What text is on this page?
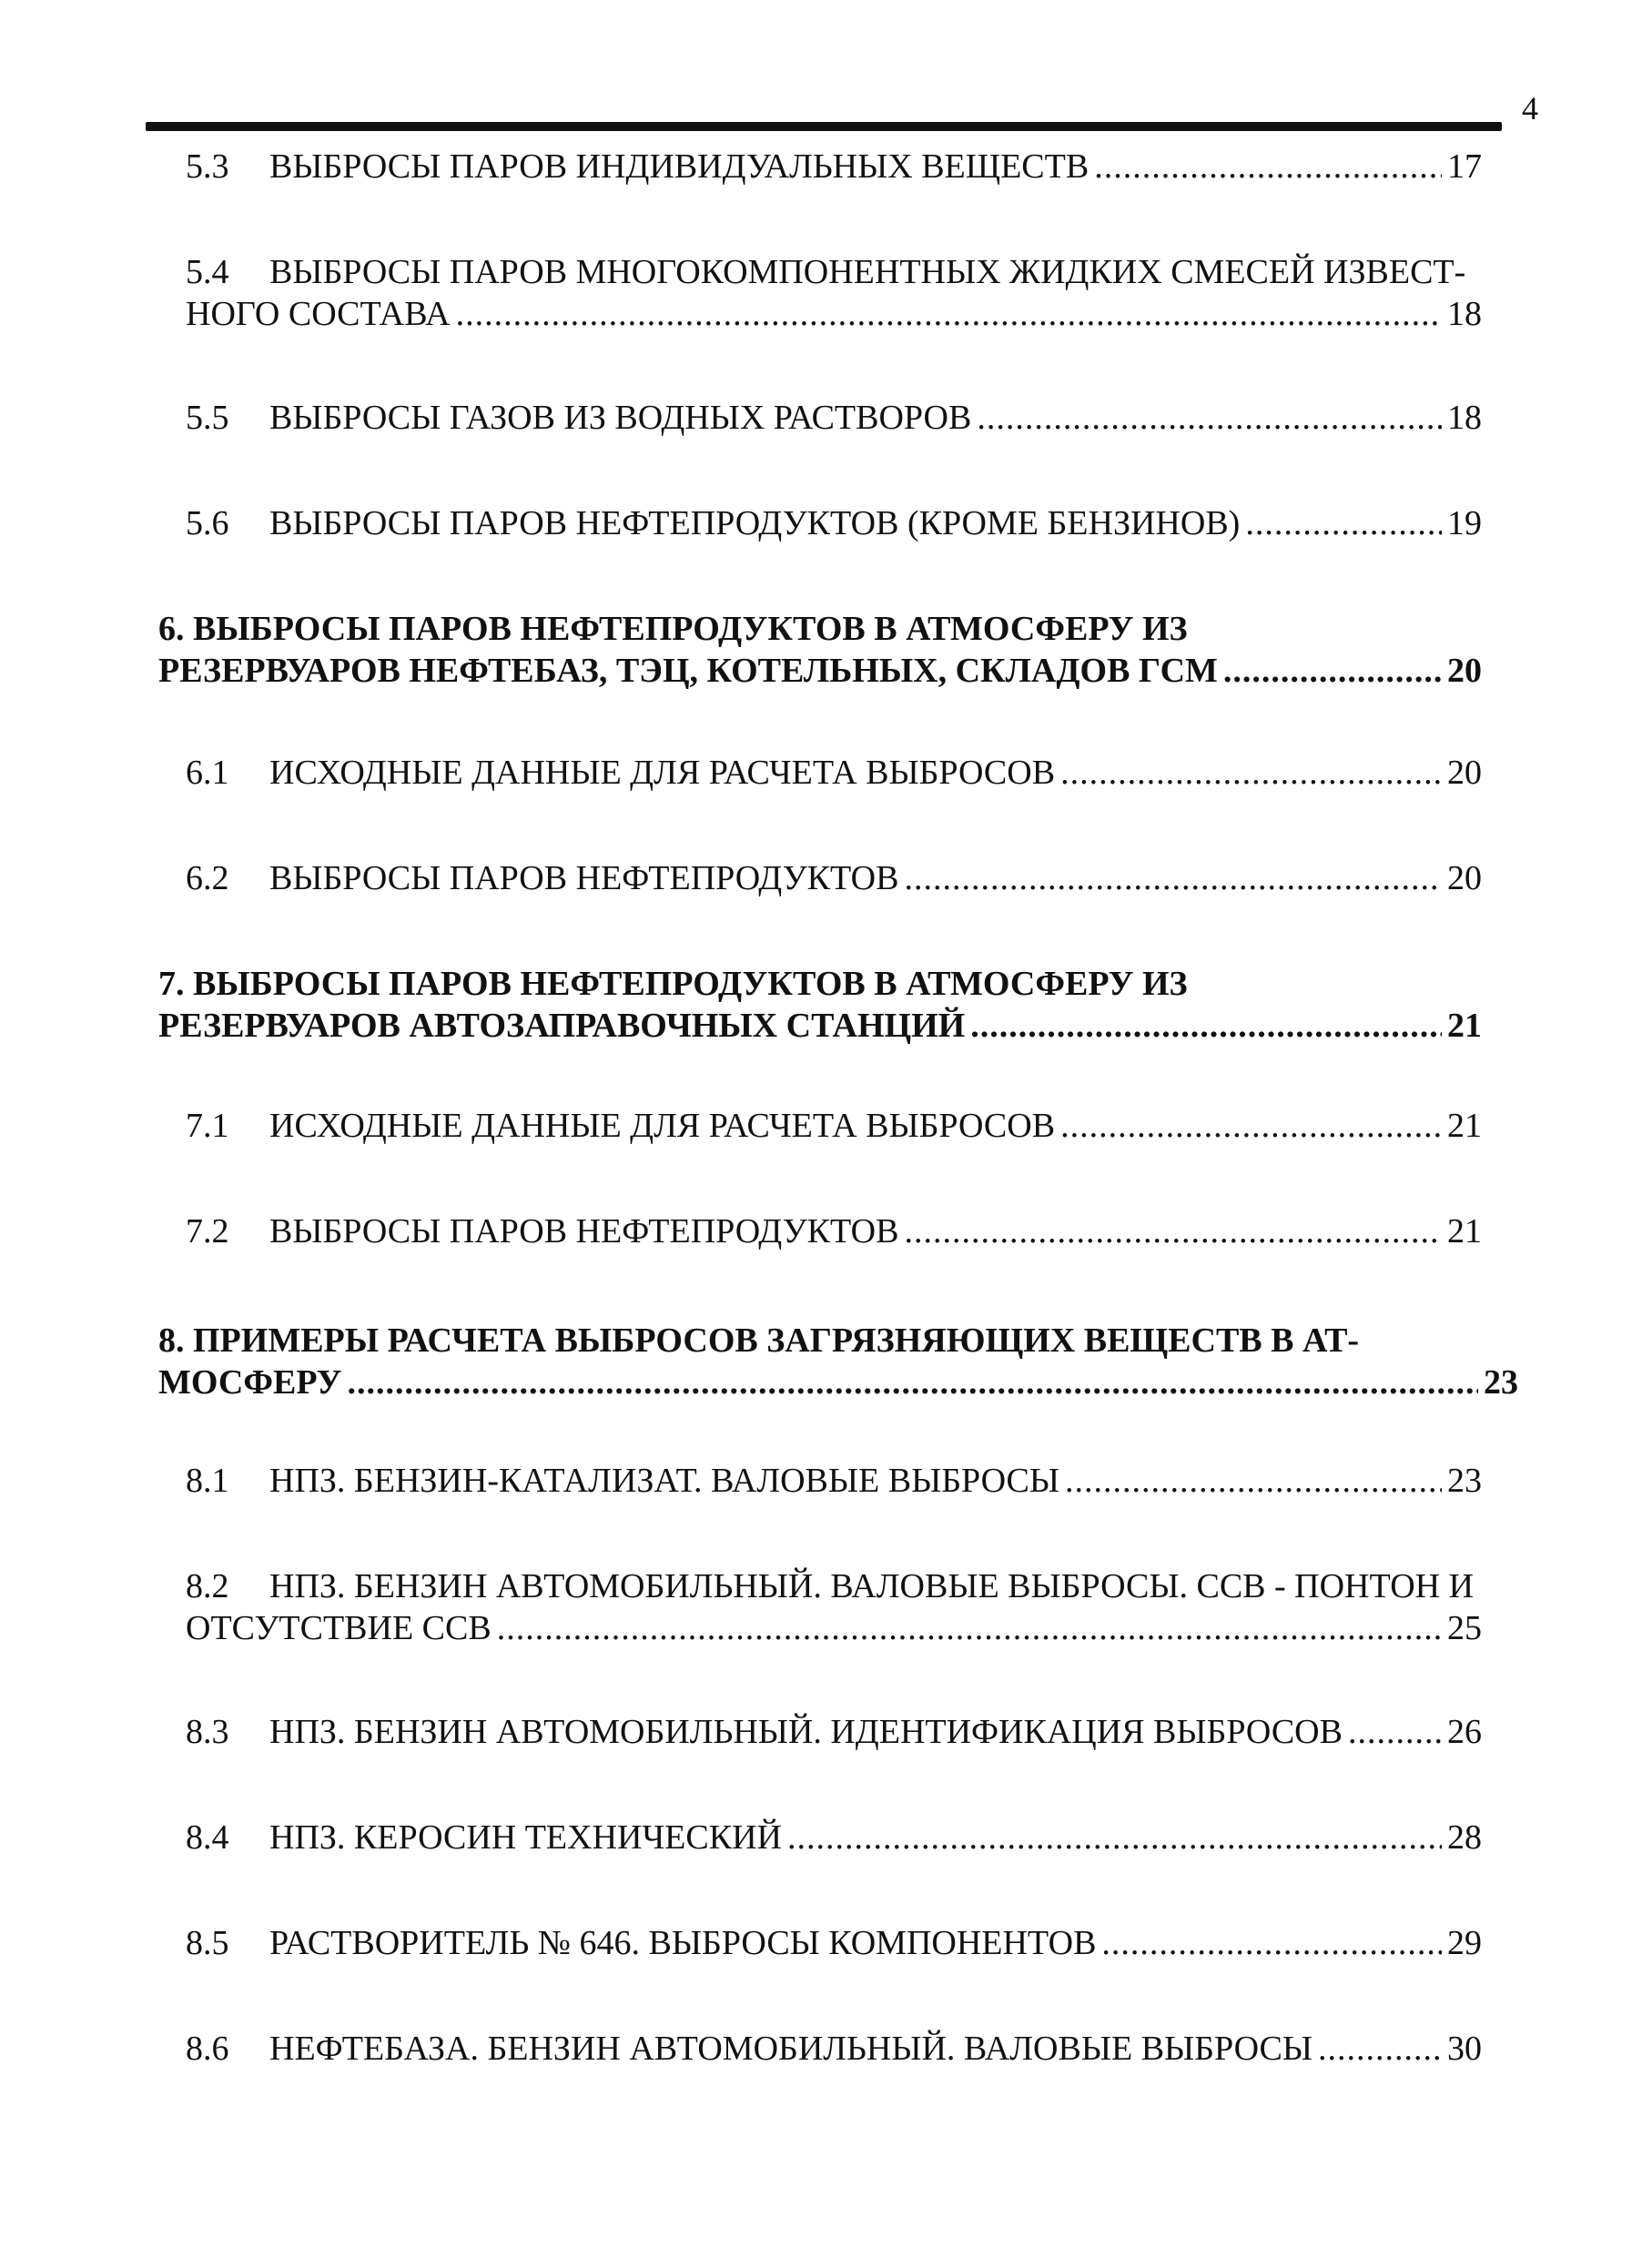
4
5.3 ВЫБРОСЫ ПАРОВ ИНДИВИДУАЛЬНЫХ ВЕЩЕСТВ .....	17
5.4 ВЫБРОСЫ ПАРОВ МНОГОКОМПОНЕНТНЫХ ЖИДКИХ СМЕСЕЙ ИЗВЕСТ-
НОГО СОСТАВА .....	18
5.5 ВЫБРОСЫ ГАЗОВ ИЗ ВОДНЫХ РАСТВОРОВ .....	18
5.6 ВЫБРОСЫ ПАРОВ НЕФТЕПРОДУКТОВ (КРОМЕ БЕНЗИНОВ) .....	19
6. ВЫБРОСЫ ПАРОВ НЕФТЕПРОДУКТОВ В АТМОСФЕРУ ИЗ
РЕЗЕРВУАРОВ НЕФТЕБАЗ, ТЭЦ, КОТЕЛЬНЫХ, СКЛАДОВ ГСМ .....	20
6.1 ИСХОДНЫЕ ДАННЫЕ ДЛЯ РАСЧЕТА ВЫБРОСОВ .....	20
6.2 ВЫБРОСЫ ПАРОВ НЕФТЕПРОДУКТОВ .....	20
7. ВЫБРОСЫ ПАРОВ НЕФТЕПРОДУКТОВ В АТМОСФЕРУ ИЗ
РЕЗЕРВУАРОВ АВТОЗАПРАВОЧНЫХ СТАНЦИЙ .....	21
7.1 ИСХОДНЫЕ ДАННЫЕ ДЛЯ РАСЧЕТА ВЫБРОСОВ .....	21
7.2 ВЫБРОСЫ ПАРОВ НЕФТЕПРОДУКТОВ .....	21
8. ПРИМЕРЫ РАСЧЕТА ВЫБРОСОВ ЗАГРЯЗНЯЮЩИХ ВЕЩЕСТВ В АТ-
МОСФЕРУ .....	23
8.1 НПЗ. БЕНЗИН-КАТАЛИЗАТ. ВАЛОВЫЕ ВЫБРОСЫ .....	23
8.2 НПЗ. БЕНЗИН АВТОМОБИЛЬНЫЙ. ВАЛОВЫЕ ВЫБРОСЫ. ССВ - ПОНТОН И
ОТСУТСТВИЕ ССВ .....	25
8.3 НПЗ. БЕНЗИН АВТОМОБИЛЬНЫЙ. ИДЕНТИФИКАЦИЯ ВЫБРОСОВ .....	26
8.4 НПЗ. КЕРОСИН ТЕХНИЧЕСКИЙ .....	28
8.5 РАСТВОРИТЕЛЬ № 646. ВЫБРОСЫ КОМПОНЕНТОВ .....	29
8.6 НЕФТЕБАЗА. БЕНЗИН АВТОМОБИЛЬНЫЙ. ВАЛОВЫЕ ВЫБРОСЫ .....	30
